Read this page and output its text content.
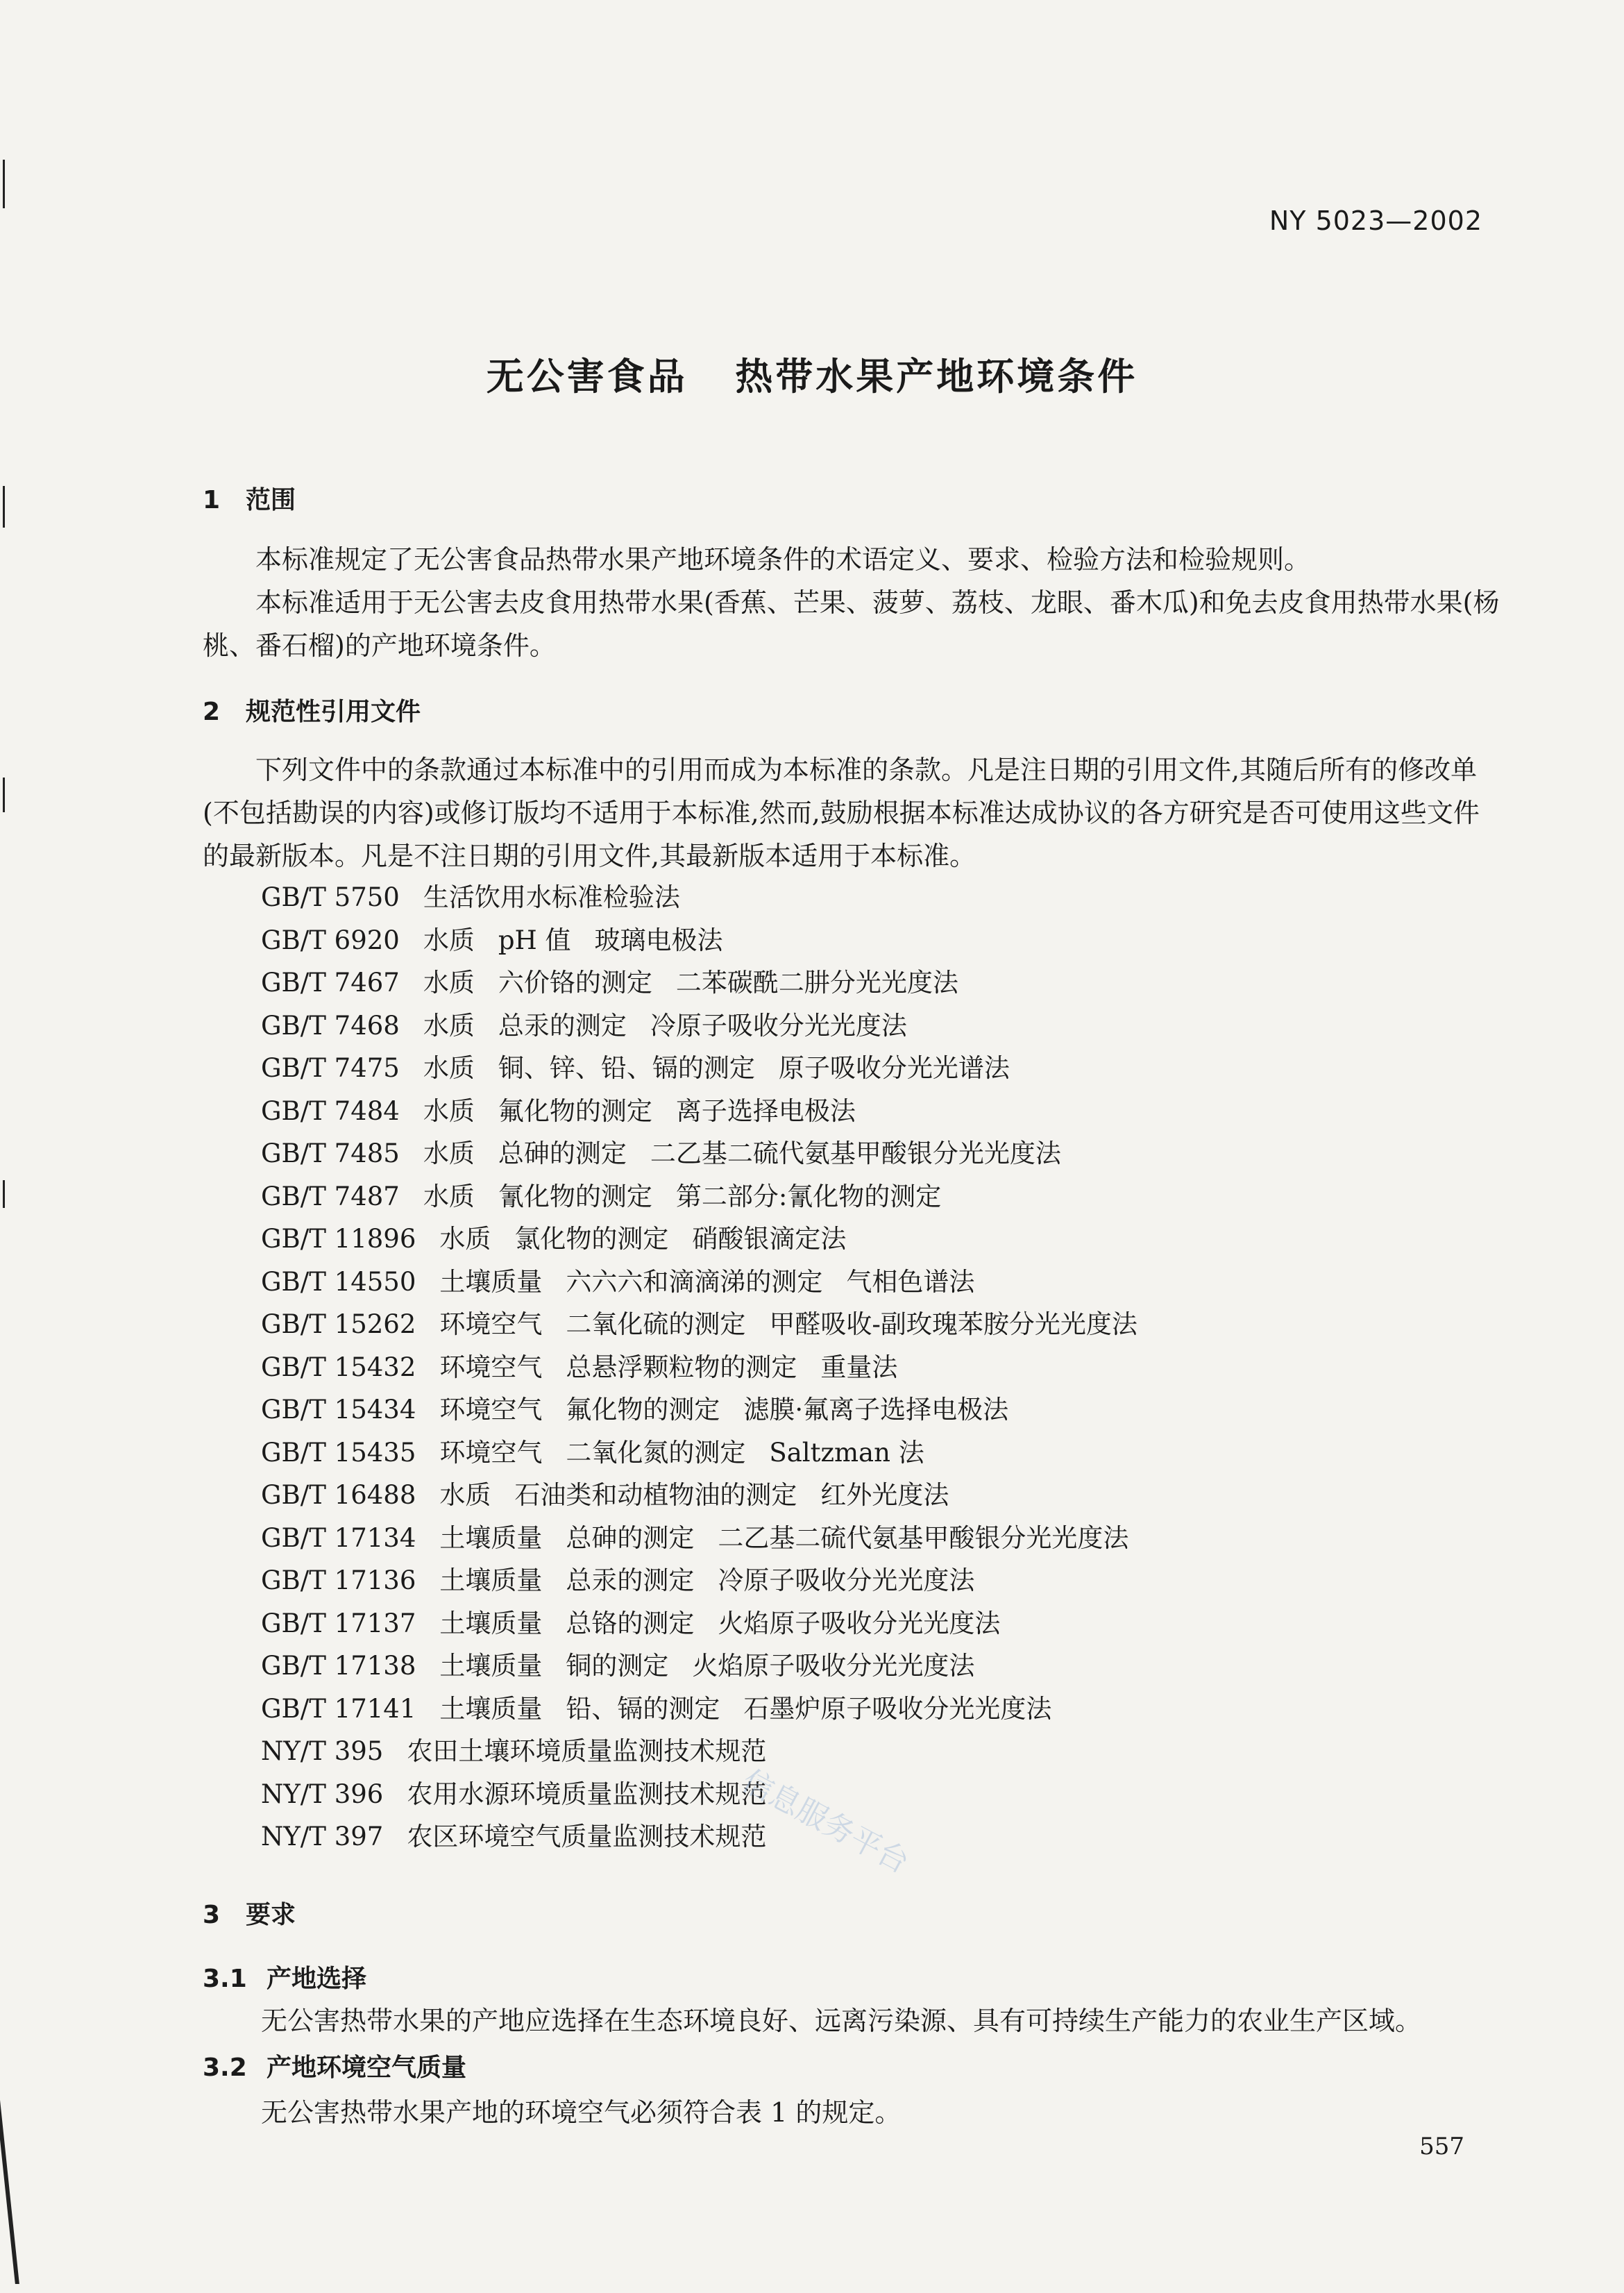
NY 5023—2002
无公害食品   热带水果产地环境条件
1 范围
本标准规定了无公害食品热带水果产地环境条件的术语定义、要求、检验方法和检验规则。
本标准适用于无公害去皮食用热带水果(香蕉、芒果、菠萝、荔枝、龙眼、番木瓜)和免去皮食用热带水果(杨桃、番石榴)的产地环境条件。
2 规范性引用文件
下列文件中的条款通过本标准中的引用而成为本标准的条款。凡是注日期的引用文件,其随后所有的修改单(不包括勘误的内容)或修订版均不适用于本标准,然而,鼓励根据本标准达成协议的各方研究是否可使用这些文件的最新版本。凡是不注日期的引用文件,其最新版本适用于本标准。
GB/T 5750 生活饮用水标准检验法
GB/T 6920 水质 pH 值 玻璃电极法
GB/T 7467 水质 六价铬的测定 二苯碳酰二肼分光光度法
GB/T 7468 水质 总汞的测定 冷原子吸收分光光度法
GB/T 7475 水质 铜、锌、铅、镉的测定 原子吸收分光光谱法
GB/T 7484 水质 氟化物的测定 离子选择电极法
GB/T 7485 水质 总砷的测定 二乙基二硫代氨基甲酸银分光光度法
GB/T 7487 水质 氰化物的测定 第二部分:氰化物的测定
GB/T 11896 水质 氯化物的测定 硝酸银滴定法
GB/T 14550 土壤质量 六六六和滴滴涕的测定 气相色谱法
GB/T 15262 环境空气 二氧化硫的测定 甲醛吸收-副玫瑰苯胺分光光度法
GB/T 15432 环境空气 总悬浮颗粒物的测定 重量法
GB/T 15434 环境空气 氟化物的测定 滤膜·氟离子选择电极法
GB/T 15435 环境空气 二氧化氮的测定 Saltzman 法
GB/T 16488 水质 石油类和动植物油的测定 红外光度法
GB/T 17134 土壤质量 总砷的测定 二乙基二硫代氨基甲酸银分光光度法
GB/T 17136 土壤质量 总汞的测定 冷原子吸收分光光度法
GB/T 17137 土壤质量 总铬的测定 火焰原子吸收分光光度法
GB/T 17138 土壤质量 铜的测定 火焰原子吸收分光光度法
GB/T 17141 土壤质量 铅、镉的测定 石墨炉原子吸收分光光度法
NY/T 395 农田土壤环境质量监测技术规范
NY/T 396 农用水源环境质量监测技术规范
NY/T 397 农区环境空气质量监测技术规范
3 要求
3.1 产地选择
无公害热带水果的产地应选择在生态环境良好、远离污染源、具有可持续生产能力的农业生产区域。
3.2 产地环境空气质量
无公害热带水果产地的环境空气必须符合表 1 的规定。
信息服务平台
557
